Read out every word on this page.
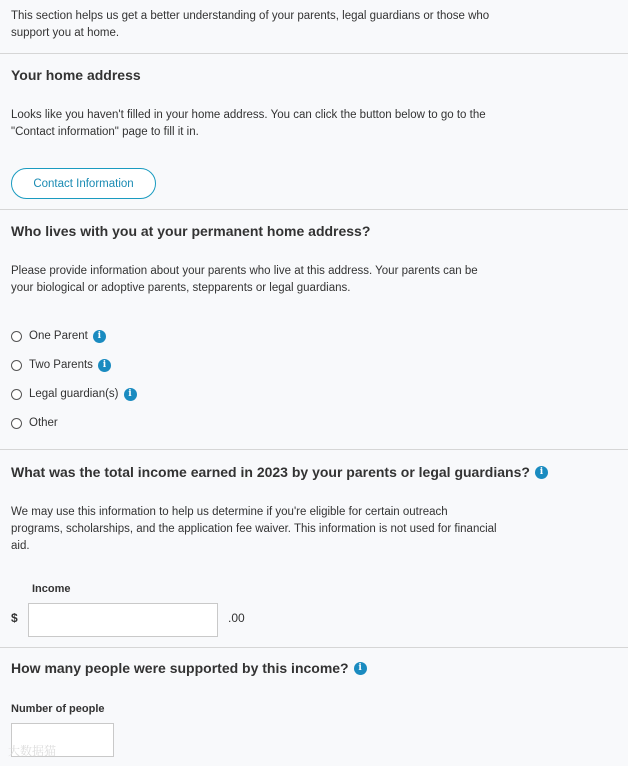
This section helps us get a better understanding of your parents, legal guardians or those who
support you at home.
Your home address
Looks like you haven't filled in your home address. You can click the button below to go to the
"Contact information" page to fill it in.
Contact Information
Who lives with you at your permanent home address?
Please provide information about your parents who live at this address. Your parents can be
your biological or adoptive parents, stepparents or legal guardians.
One Parent	i
Two Parents	i
Legal guardian(s)	i
Other
What was the total income earned in 2023 by your parents or legal guardians?	i
We may use this information to help us determine if you're eligible for certain outreach
programs, scholarships, and the application fee waiver. This information is not used for financial
aid.
Income
$	.00
How many people were supported by this income?	i
Number of people
大数据猫
